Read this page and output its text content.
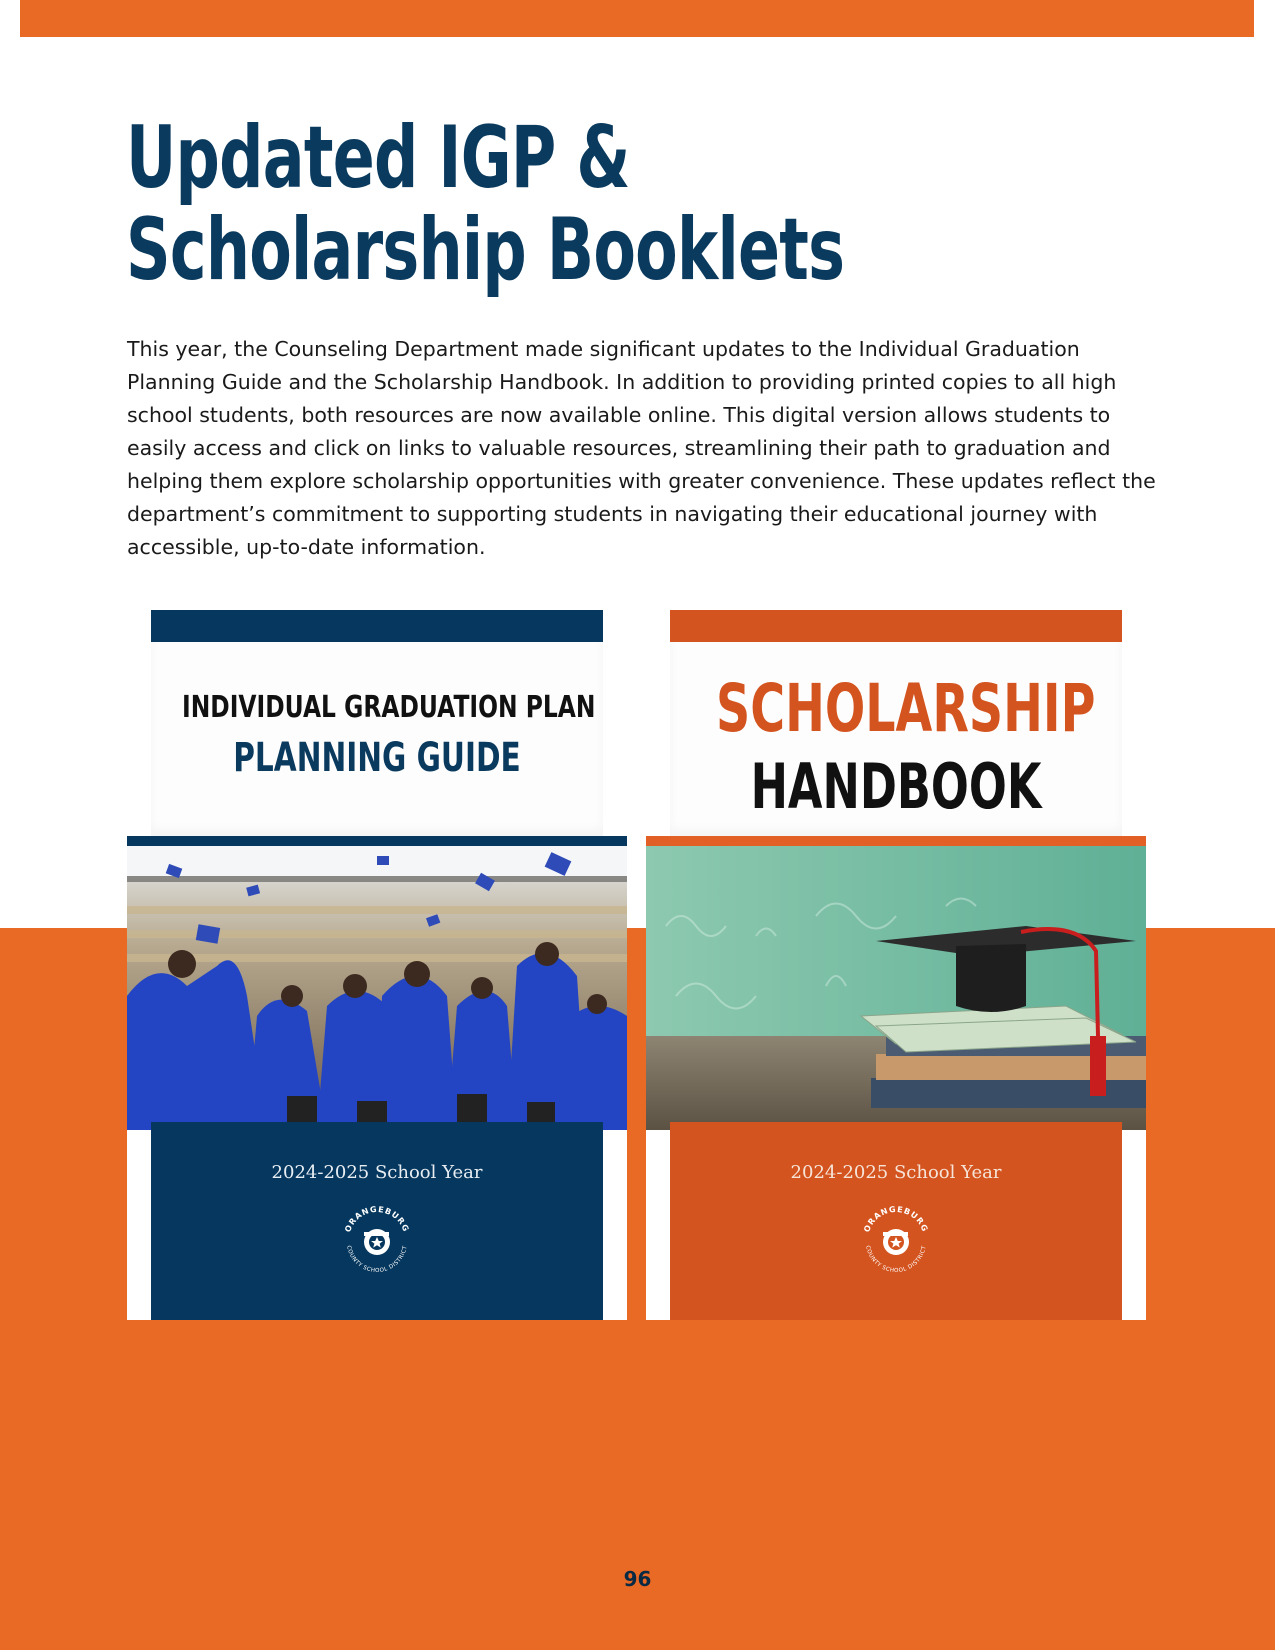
Updated IGP &
Scholarship Booklets

This year, the Counseling Department made significant updates to the Individual Graduation Planning Guide and the Scholarship Handbook. In addition to providing printed copies to all high school students, both resources are now available online. This digital version allows students to easily access and click on links to valuable resources, streamlining their path to graduation and helping them explore scholarship opportunities with greater convenience. These updates reflect the department’s commitment to supporting students in navigating their educational journey with accessible, up-to-date information.

INDIVIDUAL GRADUATION PLAN

PLANNING GUIDE

2024-2025 School Year

ORANGEBURG
COUNTY SCHOOL DISTRICT

SCHOLARSHIP

HANDBOOK

2024-2025 School Year

ORANGEBURG
COUNTY SCHOOL DISTRICT

96
